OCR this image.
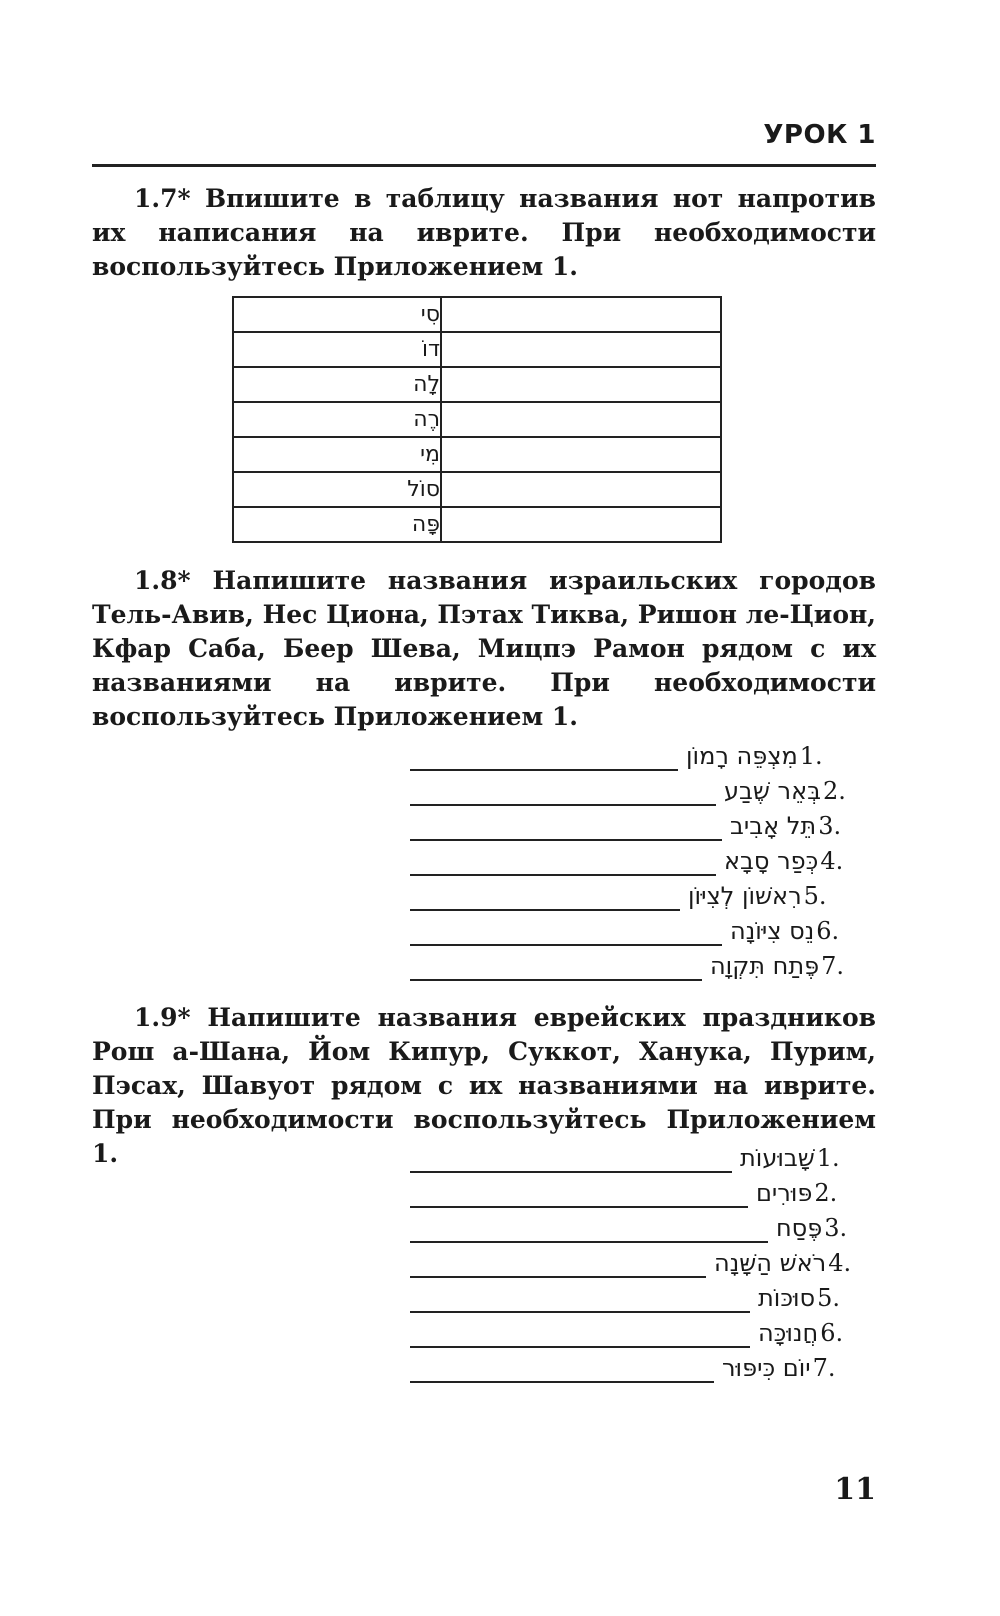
УРОК 1

1.7* Впишите в таблицу названия нот напротив их написания на иврите. При необходимости воспользуйтесь Приложением 1.

סִי	
דוֹ	
לָה	
רֶה	
מִי	
סוֹל	
פָּה	

1.8* Напишите названия израильских городов Тель-Авив, Нес Циона, Пэтах Тиква, Ришон ле-Цион, Кфар Саба, Беер Шева, Мицпэ Рамон рядом с их названиями на иврите. При необходимости воспользуйтесь Приложением 1.

מִצְפֵּה רָמוֹן 1.
בְּאֵר שֶׁבַע 2.
תֵּל אָבִיב 3.
כְּפַר סָבָא 4.
רִאשׁוֹן לְצִיּוֹן 5.
נֵס צִיּוֹנָה 6.
פֶּתַח תִּקְוָה 7.

1.9* Напишите названия еврейских праздников Рош а-Шана, Йом Кипур, Суккот, Ханука, Пурим, Пэсах, Шавуот рядом с их названиями на иврите. При необходимости воспользуйтесь Приложением 1.	שָׁבוּעוֹת 1.
פּוּרִים 2.
פֶּסַח 3.
רֹאשׁ הַשָּׁנָה 4.
סוּכּוֹת 5.
חֲנוּכָּה 6.
יוֹם כִּיפּוּר 7.
11
